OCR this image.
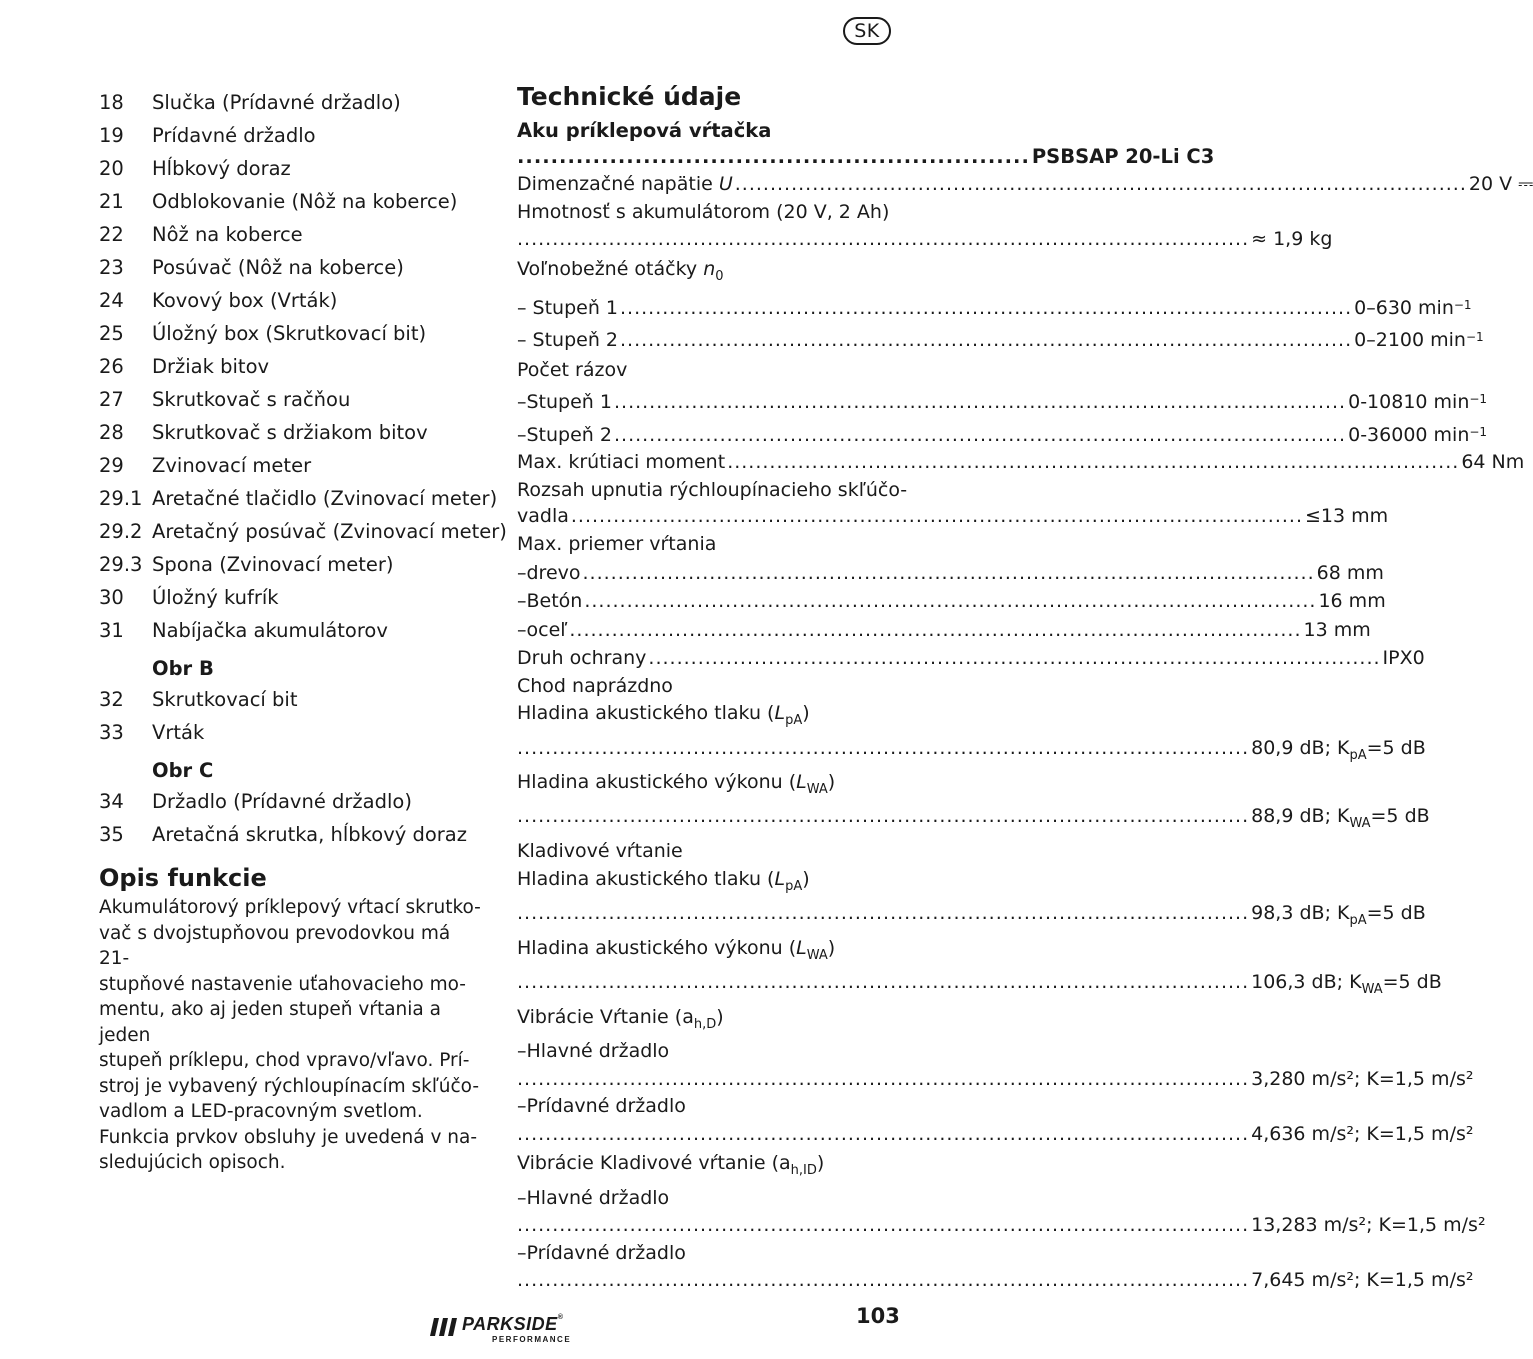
SK
18	Slučka (Prídavné držadlo)
19	Prídavné držadlo
20	Hĺbkový doraz
21	Odblokovanie (Nôž na koberce)
22	Nôž na koberce
23	Posúvač (Nôž na koberce)
24	Kovový box (Vrták)
25	Úložný box (Skrutkovací bit)
26	Držiak bitov
27	Skrutkovač s račňou
28	Skrutkovač s držiakom bitov
29	Zvinovací meter
29.1 Aretačné tlačidlo (Zvinovací meter)
29.2 Aretačný posúvač (Zvinovací meter)
29.3 Spona (Zvinovací meter)
30	Úložný kufrík
31	Nabíjačka akumulátorov
Obr B
32	Skrutkovací bit
33	Vrták
Obr C
34	Držadlo (Prídavné držadlo)
35	Aretačná skrutka, hĺbkový doraz
Opis funkcie
Akumulátorový príklepový vŕtací skrutko-
vač s dvojstupňovou prevodovkou má 21-
stupňové nastavenie uťahovacieho mo-
mentu, ako aj jeden stupeň vŕtania a jeden
stupeň príklepu, chod vpravo/vľavo. Prí-
stroj je vybavený rýchloupínacím skľúčo-
vadlom a LED-pracovným svetlom.
Funkcia prvkov obsluhy je uvedená v na-
sledujúcich opisoch.
Technické údaje
Aku príklepová vŕtačka
............................................................. PSBSAP 20-Li C3
Dimenzačné napätie U .....	20 V ⎓
Hmotnosť s akumulátorom (20 V, 2 Ah)
.....
≈ 1,9 kg
Voľnobežné otáčky $n_0$
– Stupeň 1 .....	0–630 $\min^{-1}$
– Stupeň 2 .....	0–2100 $\min^{-1}$
Počet rázov
–Stupeň 1 .....	0-10810 $\min^{-1}$
–Stupeň 2 .....	0-36000 $\min^{-1}$
Max. krútiaci moment .....	64 Nm
Rozsah upnutia rýchloupínacieho skľúčo-
vadla .....	≤13 mm
Max. priemer vŕtania
–drevo .....	68 mm
–Betón .....	16 mm
–oceľ .....	13 mm
Druh ochrany .....	IPX0
Chod naprázdno
Hladina akustického tlaku $(L_{pA})$
.....
80,9 dB; $K_{pA}=5$ dB
Hladina akustického výkonu $(L_{WA})$
.....
88,9 dB; $K_{WA}=5$ dB
Kladivové vŕtanie
Hladina akustického tlaku $(L_{pA})$
.....
98,3 dB; $K_{pA}=5$ dB
Hladina akustického výkonu $(L_{WA})$
.....
106,3 dB; $K_{WA}=5$ dB
Vibrácie Vŕtanie $(a_{h,D})$
–Hlavné držadlo
.....
3,280 m/s²; K=1,5 m/s²
–Prídavné držadlo
.....
4,636 m/s²; K=1,5 m/s²
Vibrácie Kladivové vŕtanie $(a_{h,ID})$
–Hlavné držadlo
.....
13,283 m/s²; K=1,5 m/s²
–Prídavné držadlo
.....
7,645 m/s²; K=1,5 m/s²
PARKSIDE®
PERFORMANCE
103
